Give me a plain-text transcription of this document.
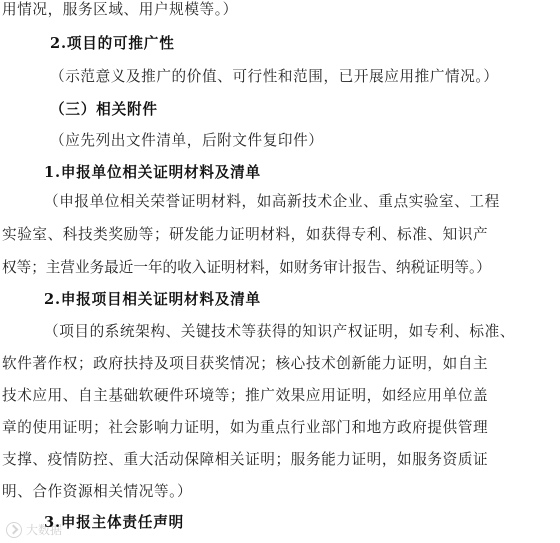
用情况，服务区域、用户规模等。）
2.项目的可推广性
（示范意义及推广的价值、可行性和范围，已开展应用推广情况。）
（三）相关附件
（应先列出文件清单，后附文件复印件）
1.申报单位相关证明材料及清单
（申报单位相关荣誉证明材料，如高新技术企业、重点实验室、工程
实验室、科技类奖励等；研发能力证明材料，如获得专利、标准、知识产
权等；主营业务最近一年的收入证明材料，如财务审计报告、纳税证明等。）
2.申报项目相关证明材料及清单
（项目的系统架构、关键技术等获得的知识产权证明，如专利、标准、
软件著作权；政府扶持及项目获奖情况；核心技术创新能力证明，如自主
技术应用、自主基础软硬件环境等；推广效果应用证明，如经应用单位盖
章的使用证明；社会影响力证明，如为重点行业部门和地方政府提供管理
支撑、疫情防控、重大活动保障相关证明；服务能力证明，如服务资质证
明、合作资源相关情况等。）
3.申报主体责任声明
大数据
